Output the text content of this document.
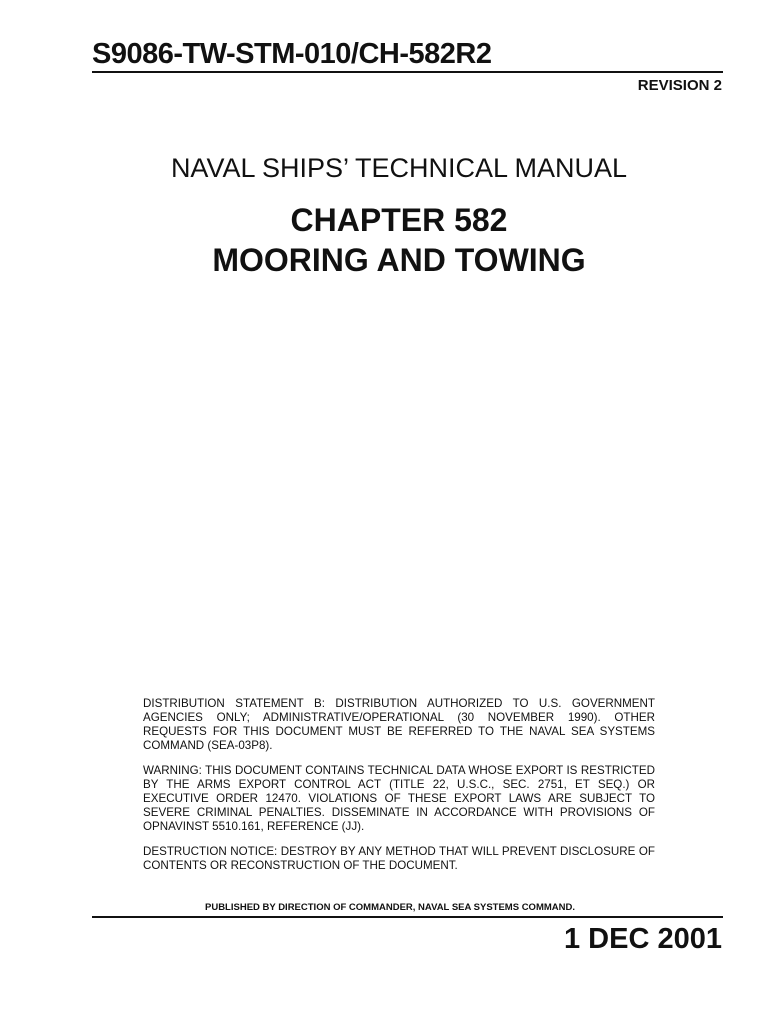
S9086-TW-STM-010/CH-582R2
REVISION 2
NAVAL SHIPS’ TECHNICAL MANUAL
CHAPTER 582
MOORING AND TOWING

DISTRIBUTION STATEMENT B: DISTRIBUTION AUTHORIZED TO U.S. GOVERNMENT AGENCIES ONLY; ADMINISTRATIVE/OPERATIONAL (30 NOVEMBER 1990). OTHER REQUESTS FOR THIS DOCUMENT MUST BE REFERRED TO THE NAVAL SEA SYSTEMS COMMAND (SEA-03P8).

WARNING: THIS DOCUMENT CONTAINS TECHNICAL DATA WHOSE EXPORT IS RESTRICTED BY THE ARMS EXPORT CONTROL ACT (TITLE 22, U.S.C., SEC. 2751, ET SEQ.) OR EXECUTIVE ORDER 12470. VIOLATIONS OF THESE EXPORT LAWS ARE SUBJECT TO SEVERE CRIMINAL PENALTIES. DISSEMINATE IN ACCORDANCE WITH PROVISIONS OF OPNAVINST 5510.161, REFERENCE (JJ).

DESTRUCTION NOTICE: DESTROY BY ANY METHOD THAT WILL PREVENT DISCLOSURE OF CONTENTS OR RECONSTRUCTION OF THE DOCUMENT.

PUBLISHED BY DIRECTION OF COMMANDER, NAVAL SEA SYSTEMS COMMAND.
1 DEC 2001
